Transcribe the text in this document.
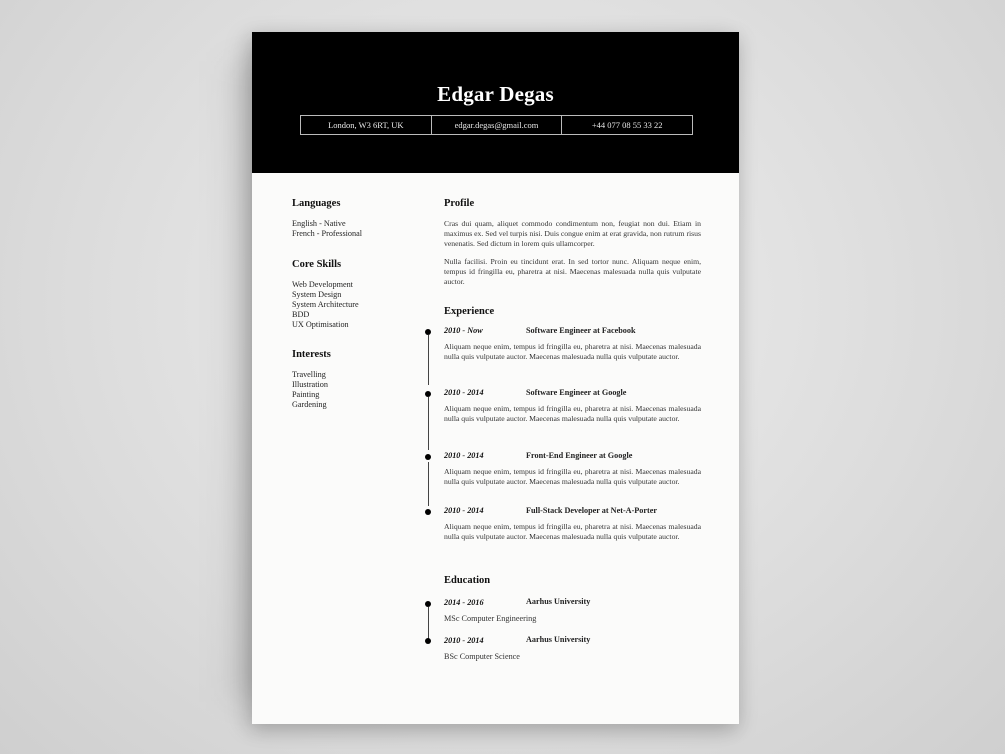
Edgar Degas
London, W3 6RT, UK	edgar.degas@gmail.com	+44 077 08 55 33 22
Languages
English - Native
French - Professional
Core Skills
Web Development
System Design
System Architecture
BDD
UX Optimisation
Interests
Travelling
Illustration
Painting
Gardening
Profile
Cras dui quam, aliquet commodo condimentum non, feugiat non dui. Etiam in maximus ex. Sed vel turpis nisi. Duis congue enim at erat gravida, non rutrum risus venenatis. Sed dictum in lorem quis ullamcorper.
Nulla facilisi. Proin eu tincidunt erat. In sed tortor nunc. Aliquam neque enim, tempus id fringilla eu, pharetra at nisi. Maecenas malesuada nulla quis vulputate auctor.
Experience
2010 - Now	Software Engineer at Facebook
Aliquam neque enim, tempus id fringilla eu, pharetra at nisi. Maecenas malesuada nulla quis vulputate auctor. Maecenas malesuada nulla quis vulputate auctor.
2010 - 2014	Software Engineer at Google
Aliquam neque enim, tempus id fringilla eu, pharetra at nisi. Maecenas malesuada nulla quis vulputate auctor. Maecenas malesuada nulla quis vulputate auctor.
2010 - 2014	Front-End Engineer at Google
Aliquam neque enim, tempus id fringilla eu, pharetra at nisi. Maecenas malesuada nulla quis vulputate auctor. Maecenas malesuada nulla quis vulputate auctor.
2010 - 2014	Full-Stack Developer at Net-A-Porter
Aliquam neque enim, tempus id fringilla eu, pharetra at nisi. Maecenas malesuada nulla quis vulputate auctor. Maecenas malesuada nulla quis vulputate auctor.
Education
2014 - 2016	Aarhus University
MSc Computer Engineering
2010 - 2014	Aarhus University
BSc Computer Science
